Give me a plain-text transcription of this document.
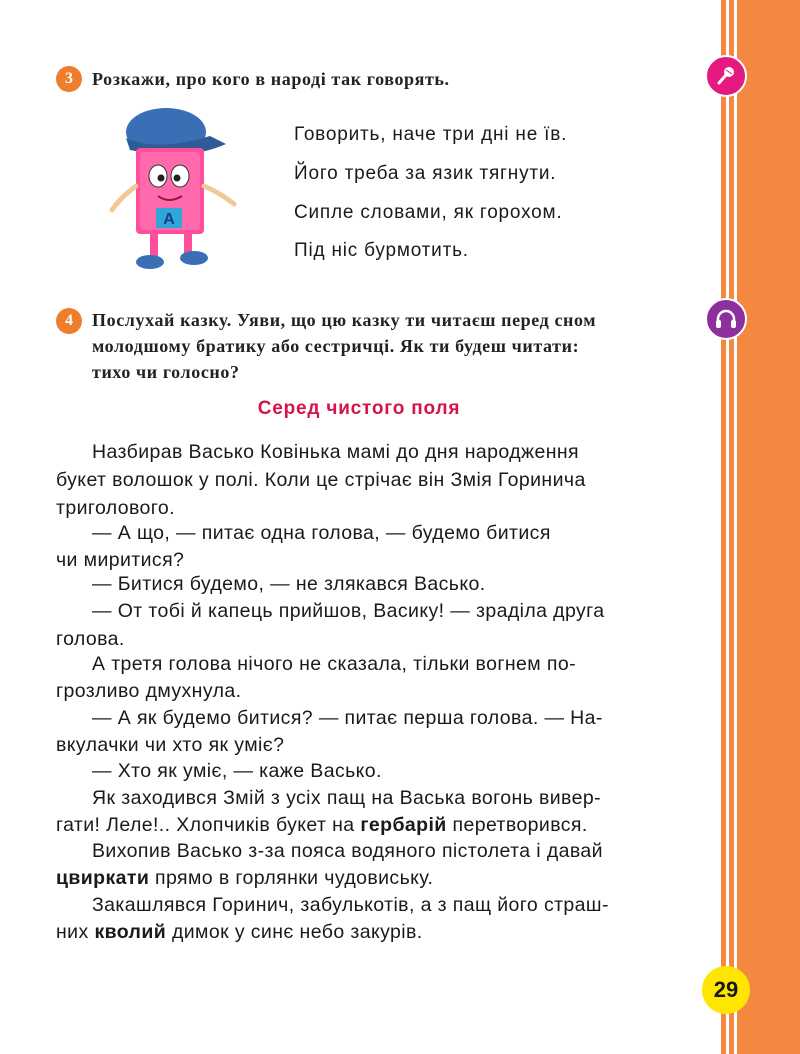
3	Розкажи, про кого в народі так говорять.
А
Говорить, наче три дні не їв.
Його треба за язик тягнути.
Сипле словами, як горохом.
Під ніс бурмотить.
4	Послухай казку. Уяви, що цю казку ти читаєш перед сном
молодшому братику або сестричці. Як ти будеш читати:
тихо чи голосно?
Серед чистого поля
Назбирав Васько Ковінька мамі до дня народження
букет волошок у полі. Коли це стрічає він Змія Горинича
триголового.
— А що, — питає одна голова, — будемо битися
чи миритися?
— Битися будемо, — не злякався Васько.
— От тобі й капець прийшов, Васику! — зраділа друга
голова.
А третя голова нічого не сказала, тільки вогнем по-
грозливо дмухнула.
— А як будемо битися? — питає перша голова. — На-
вкулачки чи хто як уміє?
— Хто як уміє, — каже Васько.
Як заходився Змій з усіх пащ на Васька вогонь вивер-
гати! Леле!.. Хлопчиків букет на гербарій перетворився.
Вихопив Васько з-за пояса водяного пістолета і давай
цвиркати прямо в горлянки чудовиську.
Закашлявся Горинич, забулькотів, а з пащ його страш-
них кволий димок у синє небо закурів.
29
